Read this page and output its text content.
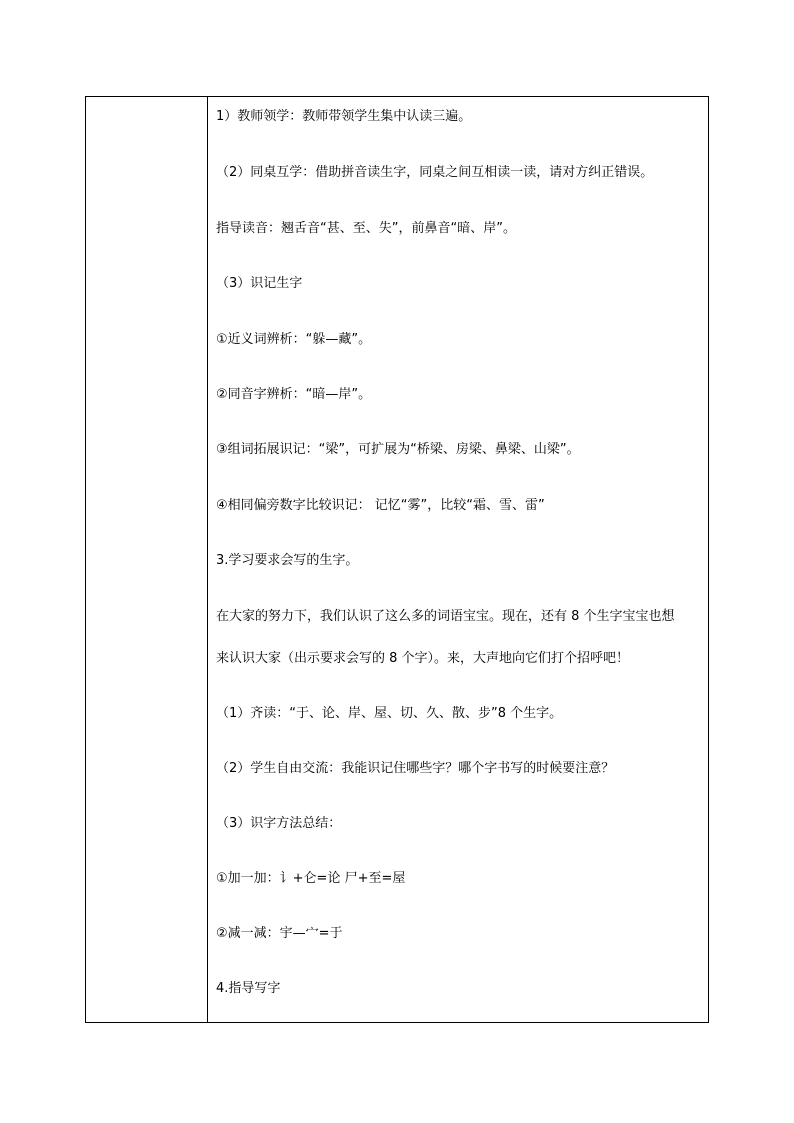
1）教师领学：教师带领学生集中认读三遍。
（2）同桌互学：借助拼音读生字，同桌之间互相读一读，请对方纠正错误。
指导读音：翘舌音“甚、至、失”，前鼻音“暗、岸”。
（3）识记生字
①近义词辨析：“躲—藏”。
②同音字辨析：“暗—岸”。
③组词拓展识记：“梁”，可扩展为“桥梁、房梁、鼻梁、山梁”。
④相同偏旁数字比较识记： 记忆“雾”，比较“霜、雪、雷”
3.学习要求会写的生字。
在大家的努力下，我们认识了这么多的词语宝宝。现在，还有 8 个生字宝宝也想
来认识大家（出示要求会写的 8 个字）。来，大声地向它们打个招呼吧！
（1）齐读：“于、论、岸、屋、切、久、散、步”8 个生字。
（2）学生自由交流：我能识记住哪些字？哪个字书写的时候要注意？
（3）识字方法总结：
①加一加：讠+仑=论 尸+至=屋
②减一减：宇—宀=于
4.指导写字
